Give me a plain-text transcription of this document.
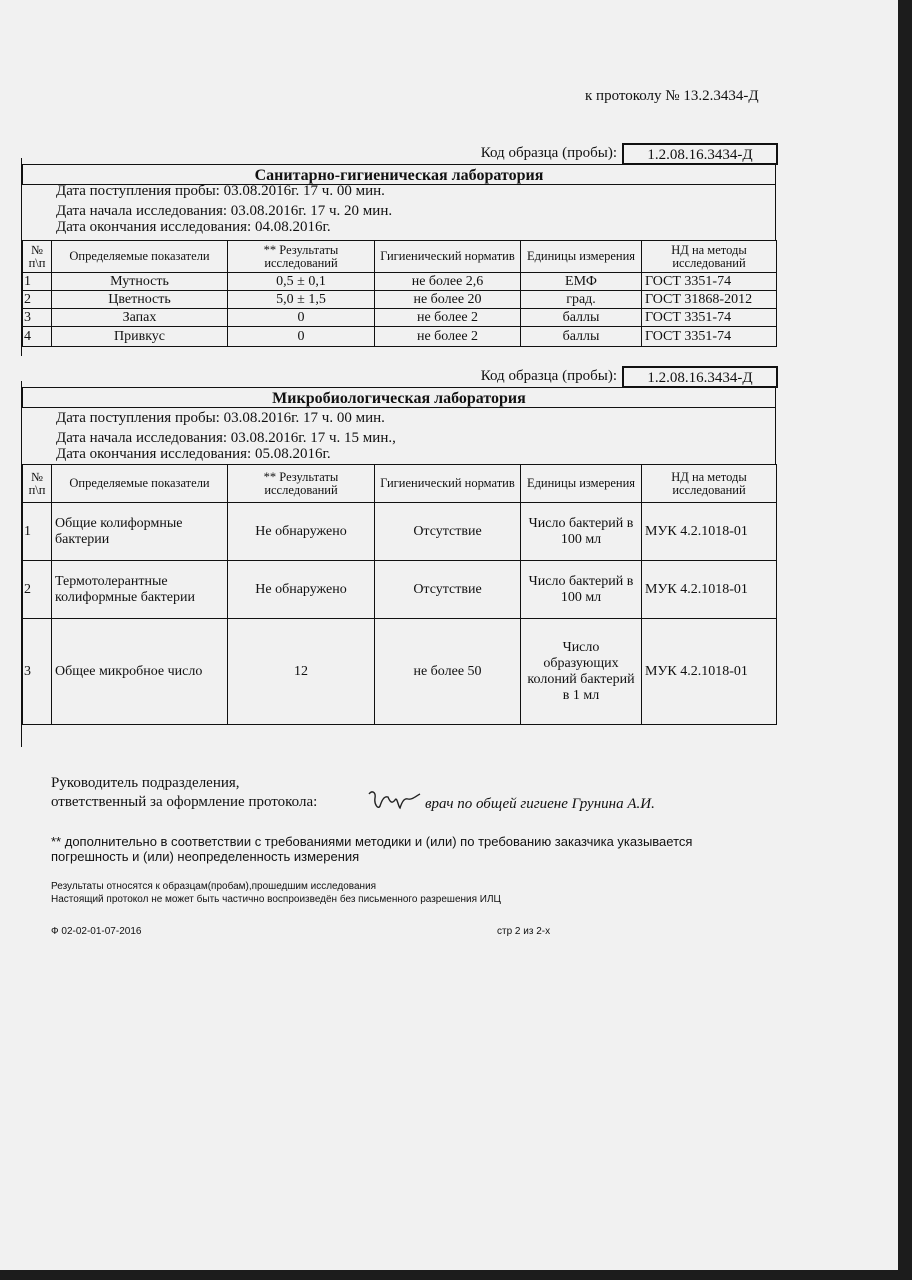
к протоколу № 13.2.3434-Д
Код образца (пробы):	1.2.08.16.3434-Д
Санитарно-гигиеническая лаборатория
Дата поступления пробы: 03.08.2016г. 17 ч. 00 мин.
Дата начала исследования: 03.08.2016г. 17 ч. 20 мин.
Дата окончания исследования: 04.08.2016г.
№ п\п	Определяемые показатели	** Результаты исследований	Гигиенический норматив	Единицы измерения	НД на методы исследований
1	Мутность	0,5 ± 0,1	не более 2,6	ЕМФ	ГОСТ 3351-74
2	Цветность	5,0 ± 1,5	не более 20	град.	ГОСТ 31868-2012
3	Запах	0	не более 2	баллы	ГОСТ 3351-74
4	Привкус	0	не более 2	баллы	ГОСТ 3351-74
Код образца (пробы):	1.2.08.16.3434-Д
Микробиологическая лаборатория
Дата поступления пробы: 03.08.2016г. 17 ч. 00 мин.
Дата начала исследования: 03.08.2016г. 17 ч. 15 мин.,
Дата окончания исследования: 05.08.2016г.
№ п\п	Определяемые показатели	** Результаты исследований	Гигиенический норматив	Единицы измерения	НД на методы исследований
1	Общие колиформные бактерии	Не обнаружено	Отсутствие	Число бактерий в 100 мл	МУК 4.2.1018-01
2	Термотолерантные колиформные бактерии	Не обнаружено	Отсутствие	Число бактерий в 100 мл	МУК 4.2.1018-01
3	Общее микробное число	12	не более 50	Число образующих колоний бактерий в 1 мл	МУК 4.2.1018-01
Руководитель подразделения,
ответственный за оформление протокола:	врач по общей гигиене Грунина А.И.
** дополнительно в соответствии с требованиями методики и (или) по требованию заказчика указывается погрешность и (или) неопределенность измерения
Результаты относятся к образцам(пробам),прошедшим исследования
Настоящий протокол не может быть частично воспроизведён без письменного разрешения ИЛЦ
Ф 02-02-01-07-2016	стр 2 из 2-х
